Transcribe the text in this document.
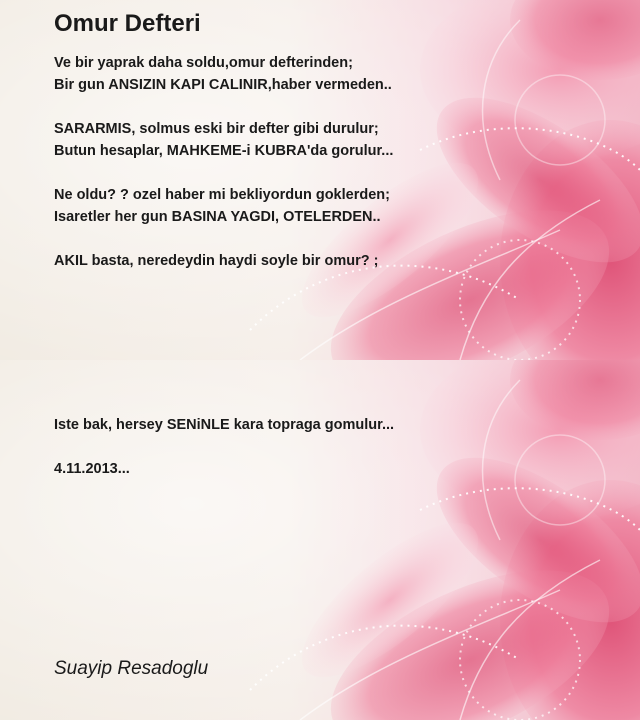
Omur Defteri

Ve bir yaprak daha soldu,omur defterinden;

Bir gun ANSIZIN KAPI CALINIR,haber vermeden..

SARARMIS, solmus eski bir defter gibi durulur;

Butun hesaplar, MAHKEME-i KUBRA'da gorulur...

Ne oldu? ? ozel haber mi bekliyordun goklerden;

Isaretler her gun BASINA YAGDI, OTELERDEN..

AKIL basta, neredeydin haydi soyle bir omur? ;

Iste bak, hersey SENiNLE kara topraga gomulur...

4.11.2013...

Suayip Resadoglu
